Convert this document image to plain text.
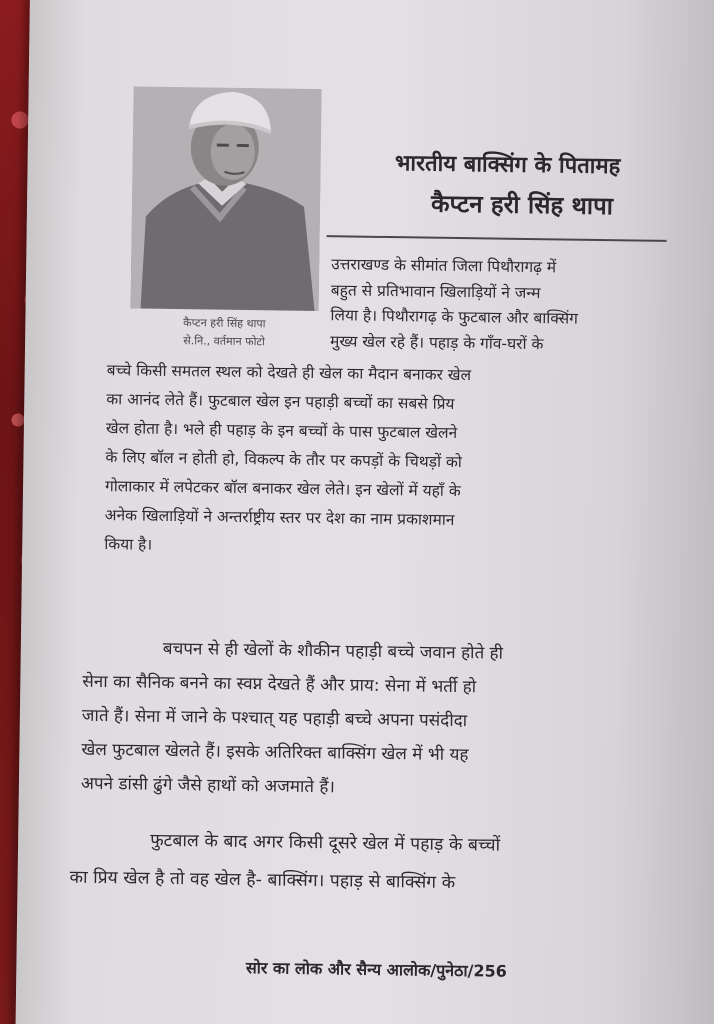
कैप्टन हरी सिंह थापा
से.नि., वर्तमान फोटो
भारतीय बाक्सिंग के पितामह
कैप्टन हरी सिंह थापा
उत्तराखण्ड के सीमांत जिला पिथौरागढ़ में
बहुत से प्रतिभावान खिलाड़ियों ने जन्म
लिया है। पिथौरागढ़ के फुटबाल और बाक्सिंग
मुख्य खेल रहे हैं। पहाड़ के गाँव-घरों के
बच्चे किसी समतल स्थल को देखते ही खेल का मैदान बनाकर खेल
का आनंद लेते हैं। फुटबाल खेल इन पहाड़ी बच्चों का सबसे प्रिय
खेल होता है। भले ही पहाड़ के इन बच्चों के पास फुटबाल खेलने
के लिए बॉल न होती हो, विकल्प के तौर पर कपड़ों के चिथड़ों को
गोलाकार में लपेटकर बॉल बनाकर खेल लेते। इन खेलों में यहाँ के
अनेक खिलाड़ियों ने अन्तर्राष्ट्रीय स्तर पर देश का नाम प्रकाशमान
किया है।
बचपन से ही खेलों के शौकीन पहाड़ी बच्चे जवान होते ही
सेना का सैनिक बनने का स्वप्न देखते हैं और प्राय: सेना में भर्ती हो
जाते हैं। सेना में जाने के पश्चात् यह पहाड़ी बच्चे अपना पसंदीदा
खेल फुटबाल खेलते हैं। इसके अतिरिक्त बाक्सिंग खेल में भी यह
अपने डांसी ढुंगे जैसे हाथों को अजमाते हैं।
फुटबाल के बाद अगर किसी दूसरे खेल में पहाड़ के बच्चों
का प्रिय खेल है तो वह खेल है- बाक्सिंग। पहाड़ से बाक्सिंग के
सोर का लोक और सैन्य आलोक/पुनेठा/256
